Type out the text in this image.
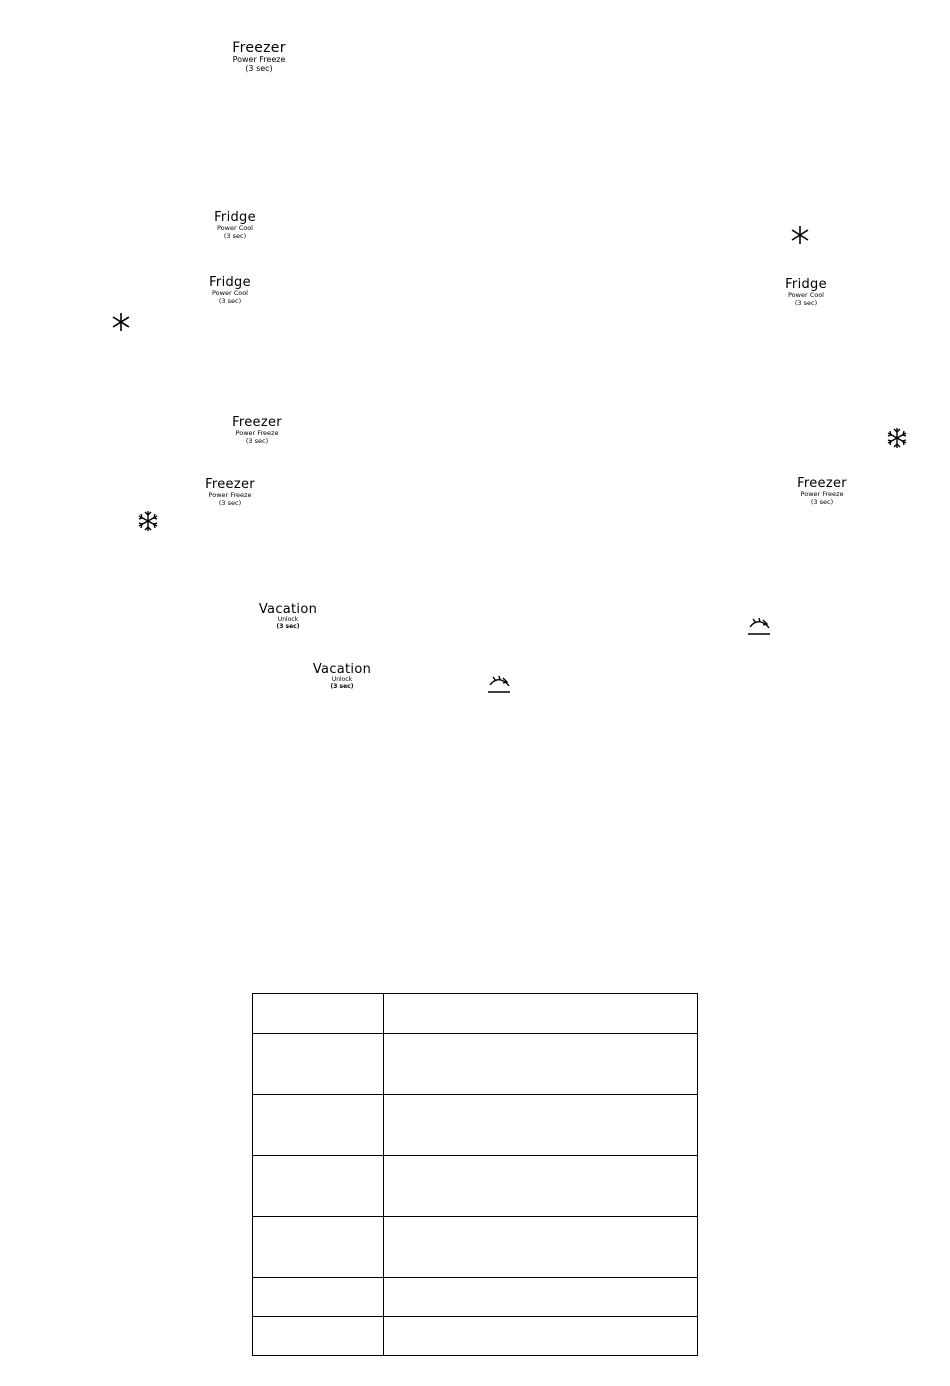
Freezer
Power Freeze
(3 sec)
Fridge
Power Cool
(3 sec)
Fridge
Power Cool
(3 sec)
Fridge
Power Cool
(3 sec)
Freezer
Power Freeze
(3 sec)
Freezer
Power Freeze
(3 sec)
Freezer
Power Freeze
(3 sec)
Vacation
Unlock
(3 sec)
Vacation
Unlock
(3 sec)
